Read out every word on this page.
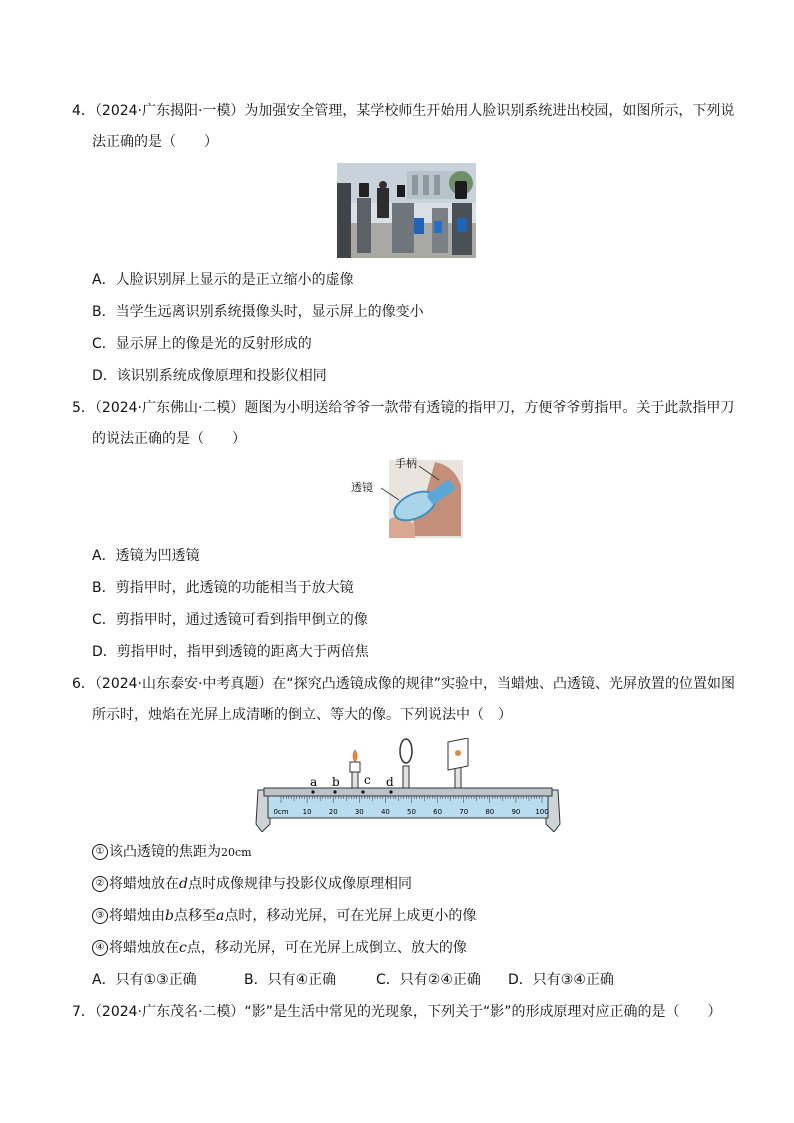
4．（2024·广东揭阳·一模）为加强安全管理，某学校师生开始用人脸识别系统进出校园，如图所示，下列说
法正确的是（　　）
A．人脸识别屏上显示的是正立缩小的虚像
B．当学生远离识别系统摄像头时，显示屏上的像变小
C．显示屏上的像是光的反射形成的
D．该识别系统成像原理和投影仪相同
5．（2024·广东佛山·二模）题图为小明送给爷爷一款带有透镜的指甲刀，方便爷爷剪指甲。关于此款指甲刀
的说法正确的是（　　）
手柄
透镜
A．透镜为凹透镜
B．剪指甲时，此透镜的功能相当于放大镜
C．剪指甲时，通过透镜可看到指甲倒立的像
D．剪指甲时，指甲到透镜的距离大于两倍焦
6．（2024·山东泰安·中考真题）在“探究凸透镜成像的规律”实验中，当蜡烛、凸透镜、光屏放置的位置如图
所示时，烛焰在光屏上成清晰的倒立、等大的像。下列说法中（　）
0cm 10 20 30 40 50 60 70 80 90 100
a b c d
① 该凸透镜的焦距为20cm
② 将蜡烛放在d点时成像规律与投影仪成像原理相同
③ 将蜡烛由b点移至a点时，移动光屏，可在光屏上成更小的像
④ 将蜡烛放在c点，移动光屏，可在光屏上成倒立、放大的像
A．只有①③正确	B．只有④正确	C．只有②④正确 D．只有③④正确
7．（2024·广东茂名·二模）“影”是生活中常见的光现象，下列关于“影”的形成原理对应正确的是（　　）
